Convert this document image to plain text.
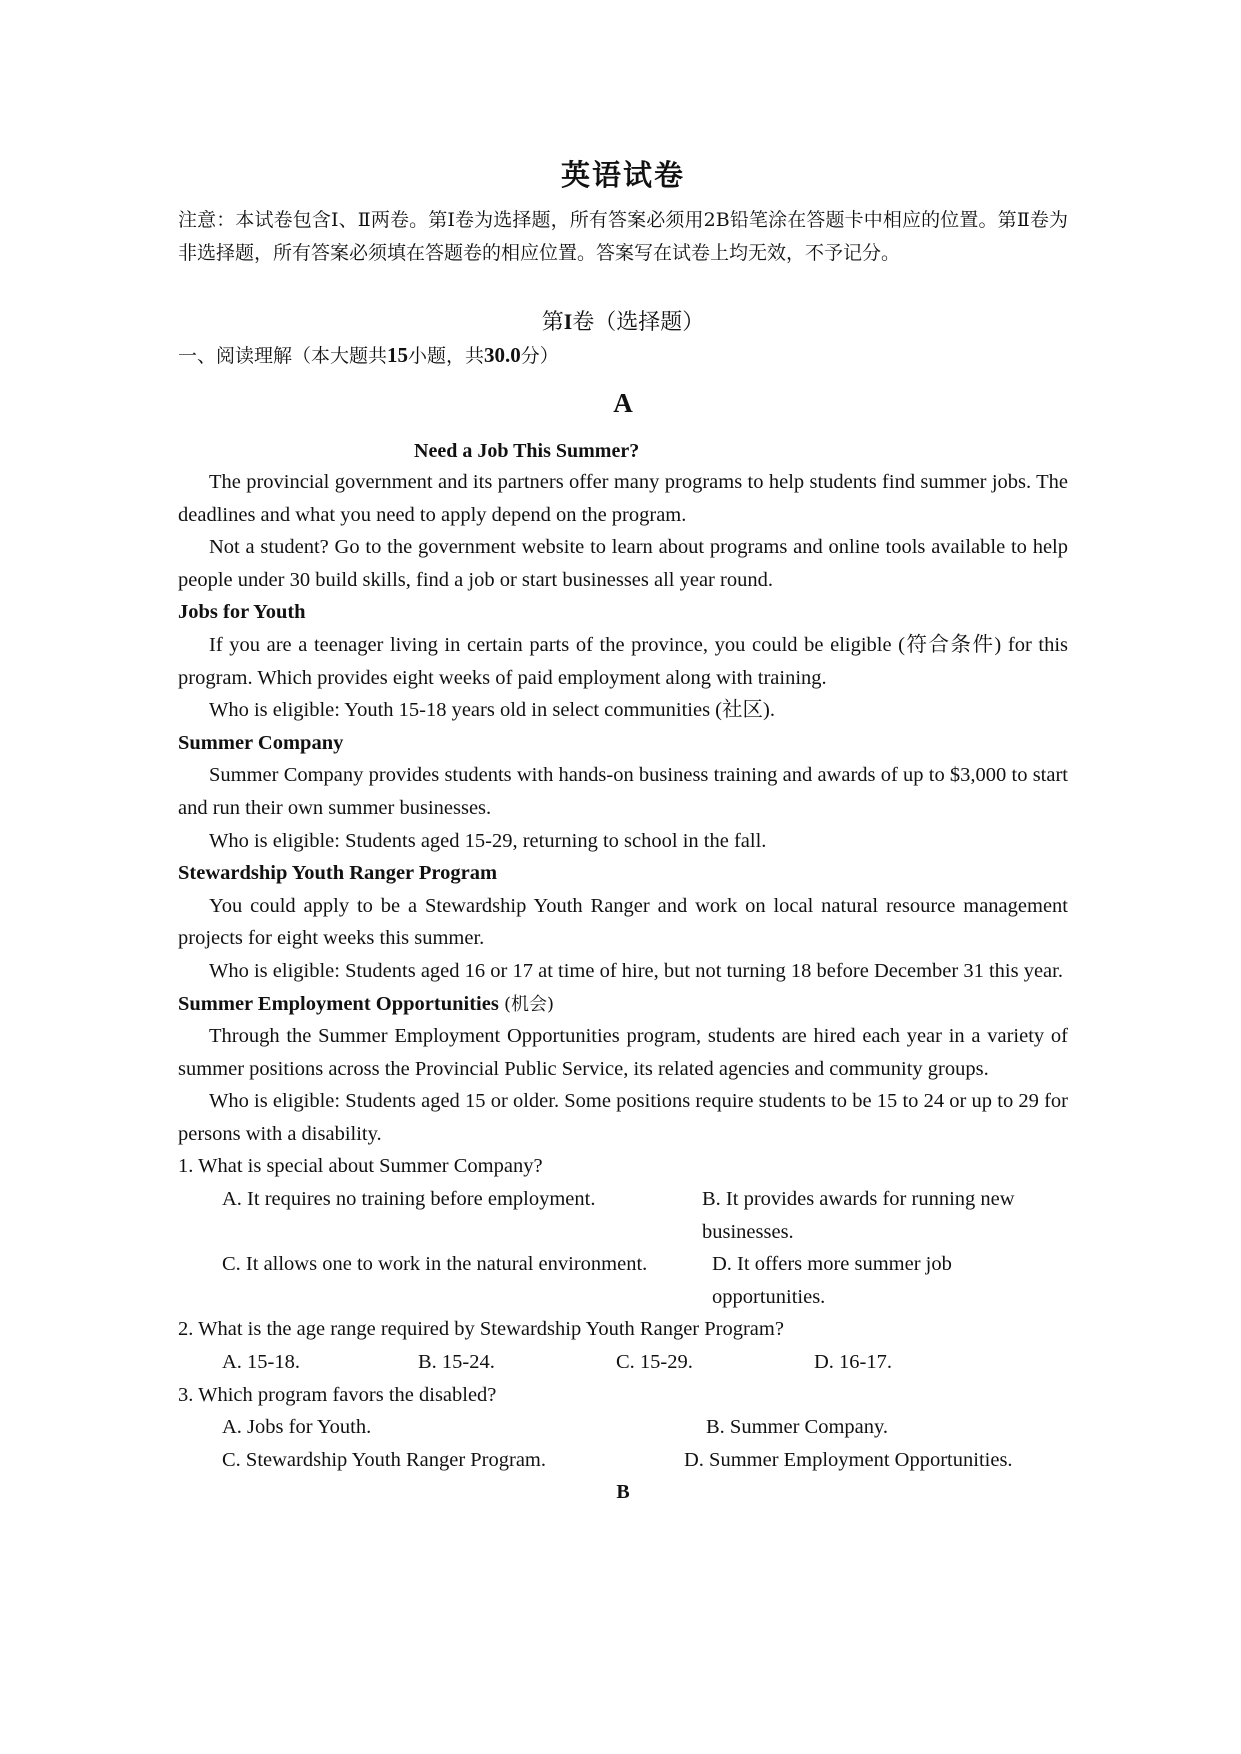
英语试卷
注意：本试卷包含Ⅰ、Ⅱ两卷。第Ⅰ卷为选择题，所有答案必须用2B铅笔涂在答题卡中相应的位置。第Ⅱ卷为非选择题，所有答案必须填在答题卷的相应位置。答案写在试卷上均无效，不予记分。
第I卷（选择题）
一、阅读理解（本大题共15小题，共30.0分）
A
Need a Job This Summer?

The provincial government and its partners offer many programs to help students find summer jobs. The deadlines and what you need to apply depend on the program.

Not a student? Go to the government website to learn about programs and online tools available to help people under 30 build skills, find a job or start businesses all year round.

Jobs for Youth

If you are a teenager living in certain parts of the province, you could be eligible (符合条件) for this program. Which provides eight weeks of paid employment along with training.

Who is eligible: Youth 15-18 years old in select communities (社区).

Summer Company

Summer Company provides students with hands-on business training and awards of up to $3,000 to start and run their own summer businesses.

Who is eligible: Students aged 15-29, returning to school in the fall.

Stewardship Youth Ranger Program

You could apply to be a Stewardship Youth Ranger and work on local natural resource management projects for eight weeks this summer.

Who is eligible: Students aged 16 or 17 at time of hire, but not turning 18 before December 31 this year.

Summer Employment Opportunities (机会)

Through the Summer Employment Opportunities program, students are hired each year in a variety of summer positions across the Provincial Public Service, its related agencies and community groups.

Who is eligible: Students aged 15 or older. Some positions require students to be 15 to 24 or up to 29 for persons with a disability.

1. What is special about Summer Company?

A. It requires no training before employment.	B. It provides awards for running new businesses.
C. It allows one to work in the natural environment.	D. It offers more summer job opportunities.

2. What is the age range required by Stewardship Youth Ranger Program?

A. 15-18.	B. 15-24.	C. 15-29.	D. 16-17.

3. Which program favors the disabled?

A. Jobs for Youth.	B. Summer Company.
C. Stewardship Youth Ranger Program.	D. Summer Employment Opportunities.
B
